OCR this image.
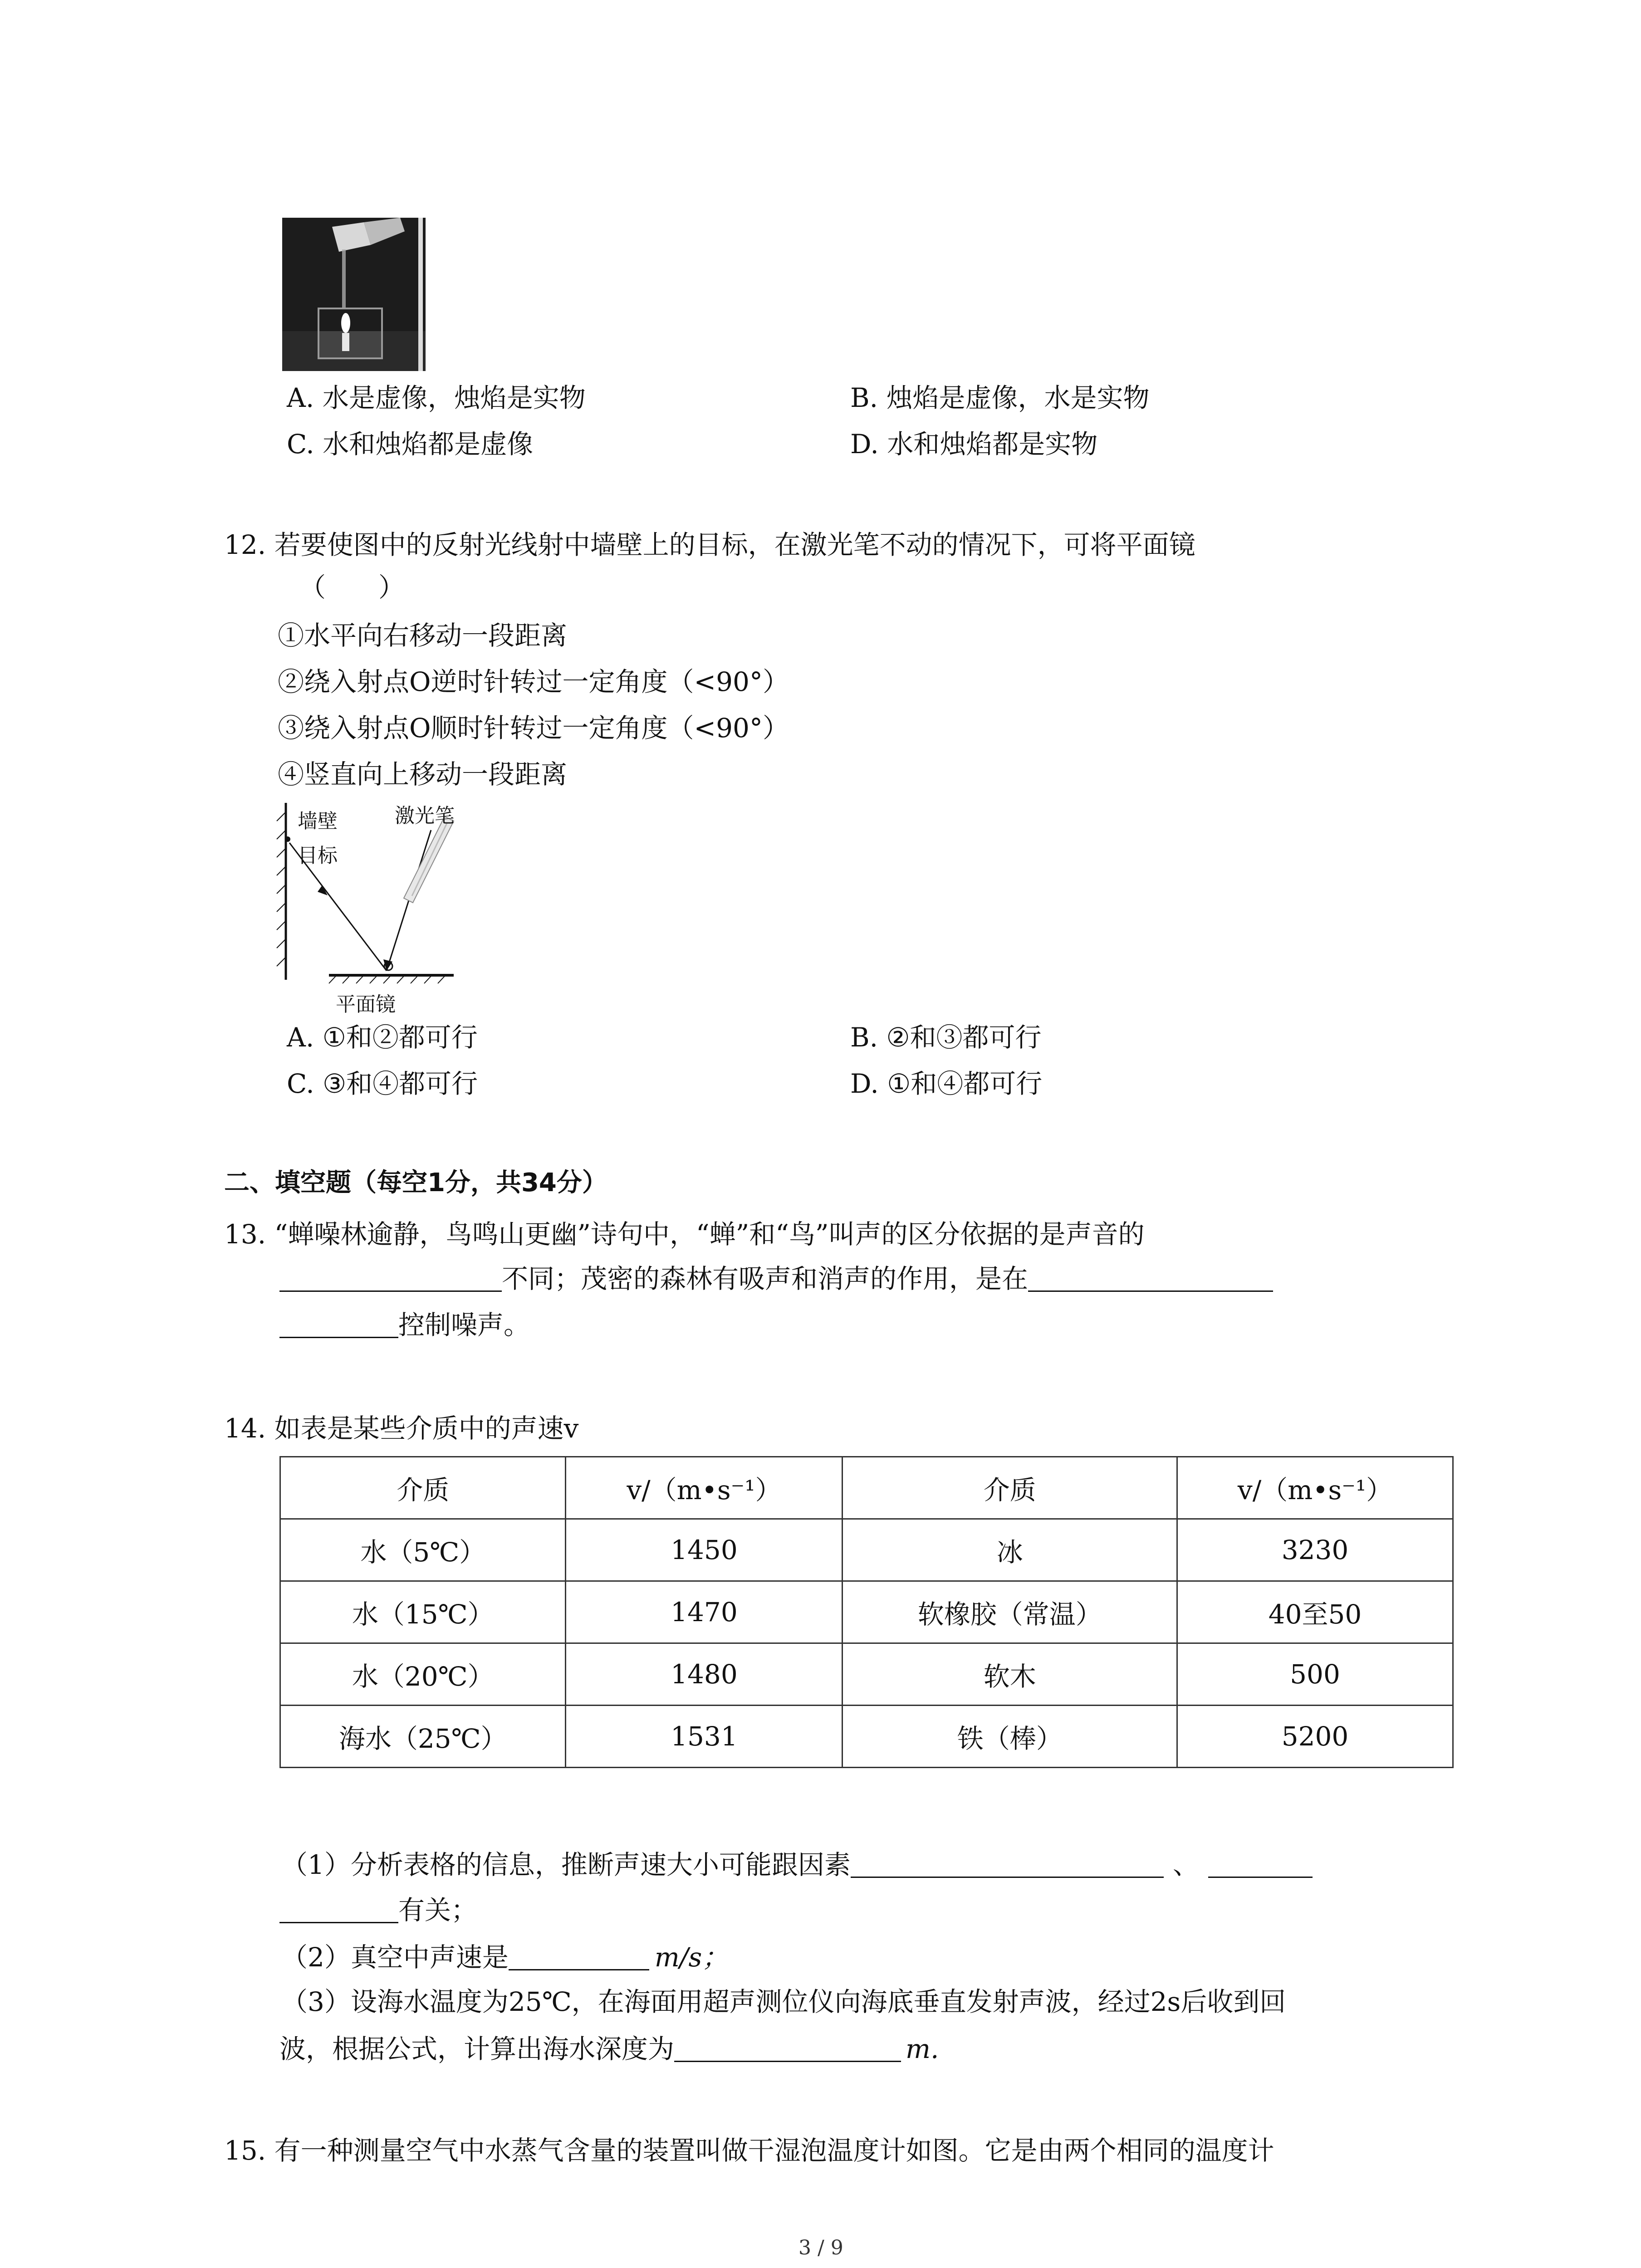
A. 水是虚像，烛焰是实物	B. 烛焰是虚像，水是实物
C. 水和烛焰都是虚像	D. 水和烛焰都是实物
12. 若要使图中的反射光线射中墙壁上的目标，在激光笔不动的情况下，可将平面镜
（　　）
①水平向右移动一段距离
②绕入射点O逆时针转过一定角度（<90°）
③绕入射点O顺时针转过一定角度（<90°）
④竖直向上移动一段距离
墙壁
目标
激光笔
平面镜
A. ①和②都可行	B. ②和③都可行
C. ③和④都可行	D. ①和④都可行
二、填空题（每空1分，共34分）
13. “蝉噪林逾静，鸟鸣山更幽”诗句中，“蝉”和“鸟”叫声的区分依据的是声音的
不同；茂密的森林有吸声和消声的作用，是在
控制噪声。
14. 如表是某些介质中的声速v
介质	v/（m•s⁻¹）	介质	v/（m•s⁻¹）
水（5℃）	1450	冰	3230
水（15℃）	1470	软橡胶（常温）	40至50
水（20℃）	1480	软木	500
海水（25℃）	1531	铁（棒）	5200
（1）分析表格的信息，推断声速大小可能跟因素	、
有关；
（2）真空中声速是	m/s；
（3）设海水温度为25℃，在海面用超声测位仪向海底垂直发射声波，经过2s后收到回
波，根据公式，计算出海水深度为	m.
15. 有一种测量空气中水蒸气含量的装置叫做干湿泡温度计如图。它是由两个相同的温度计
3 / 9
